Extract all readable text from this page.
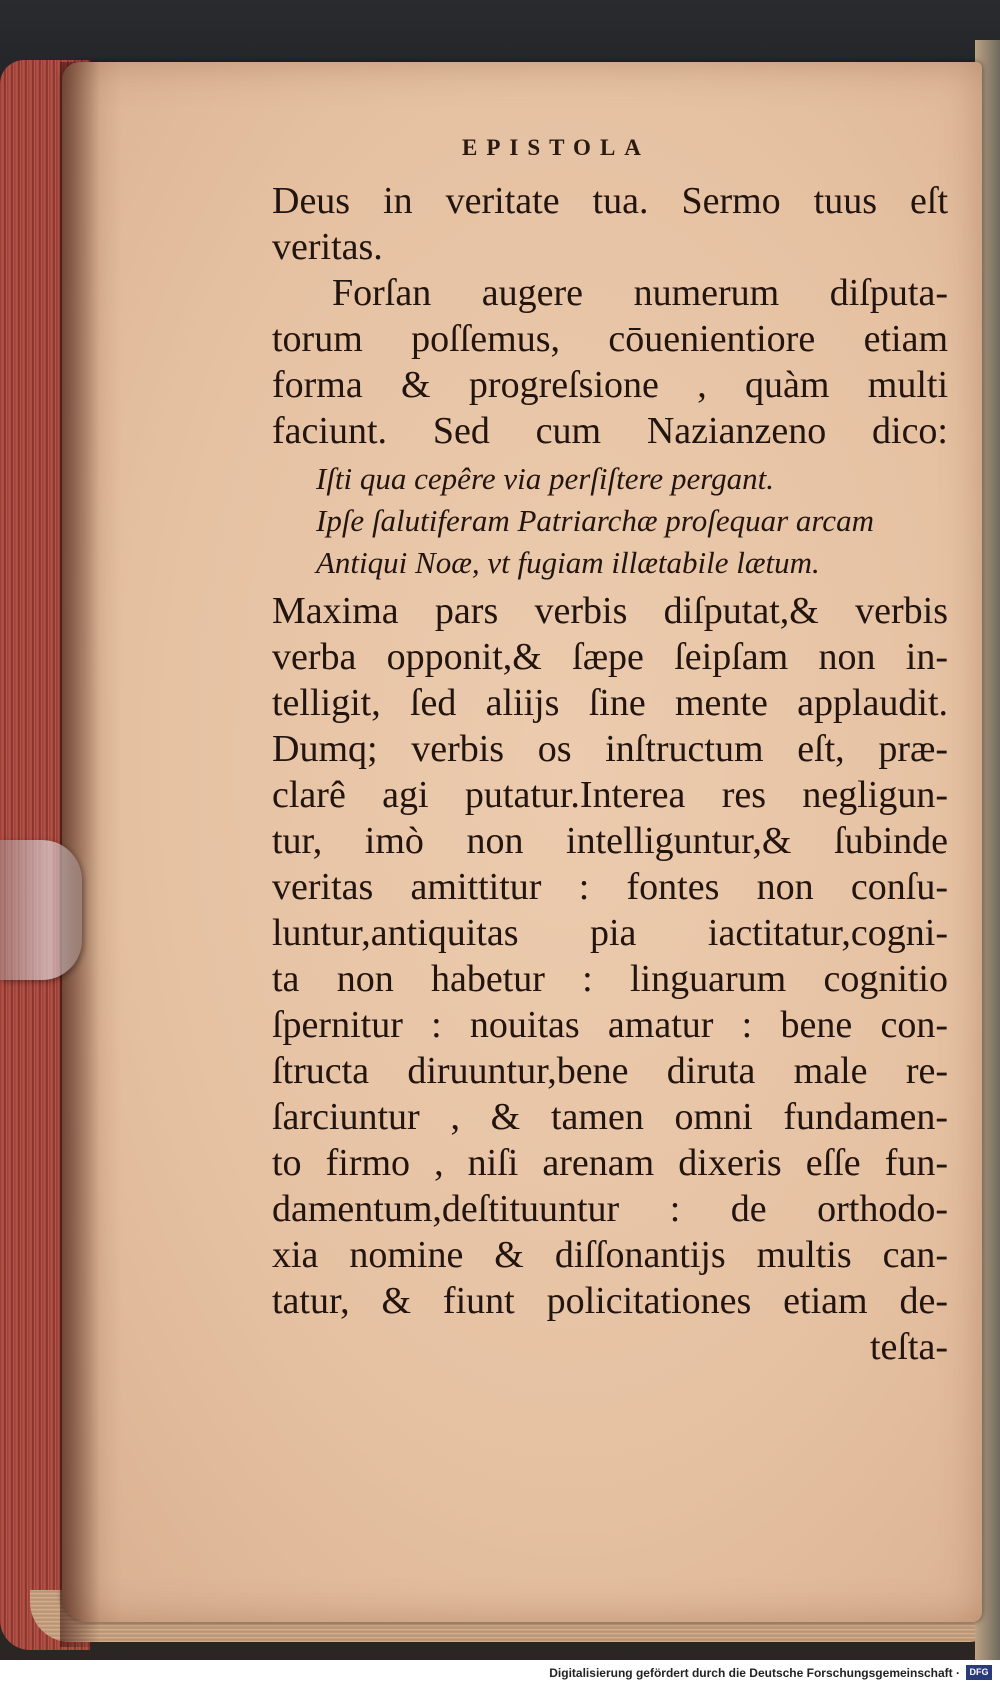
EPISTOLA
Deus in veritate tua. Sermo tuus eſt
veritas.
Forſan augere numerum diſputa-
torum poſſemus, cōuenientiore etiam
forma & progreſsione , quàm multi
faciunt. Sed cum Nazianzeno dico:
Iſti qua cepêre via perſiſtere pergant.
Ipſe ſalutiferam Patriarchæ proſequar arcam
Antiqui Noæ, vt fugiam illætabile lætum.
Maxima pars verbis diſputat,& verbis
verba opponit,& ſæpe ſeipſam non in-
telligit, ſed aliĳs ſine mente applaudit.
Dumq; verbis os inſtructum eſt, præ-
clarê agi putatur.Interea res negligun-
tur, imò non intelliguntur,& ſubinde
veritas amittitur : fontes non conſu-
luntur,antiquitas pia iactitatur,cogni-
ta non habetur : linguarum cognitio
ſpernitur : nouitas amatur : bene con-
ſtructa diruuntur,bene diruta male re-
ſarciuntur , & tamen omni fundamen-
to firmo , niſi arenam dixeris eſſe fun-
damentum,deſtituuntur : de orthodo-
xia nomine & diſſonantĳs multis can-
tatur, & fiunt policitationes etiam de-
teſta-
Digitalisierung gefördert durch die Deutsche Forschungsgemeinschaft ·	DFG
